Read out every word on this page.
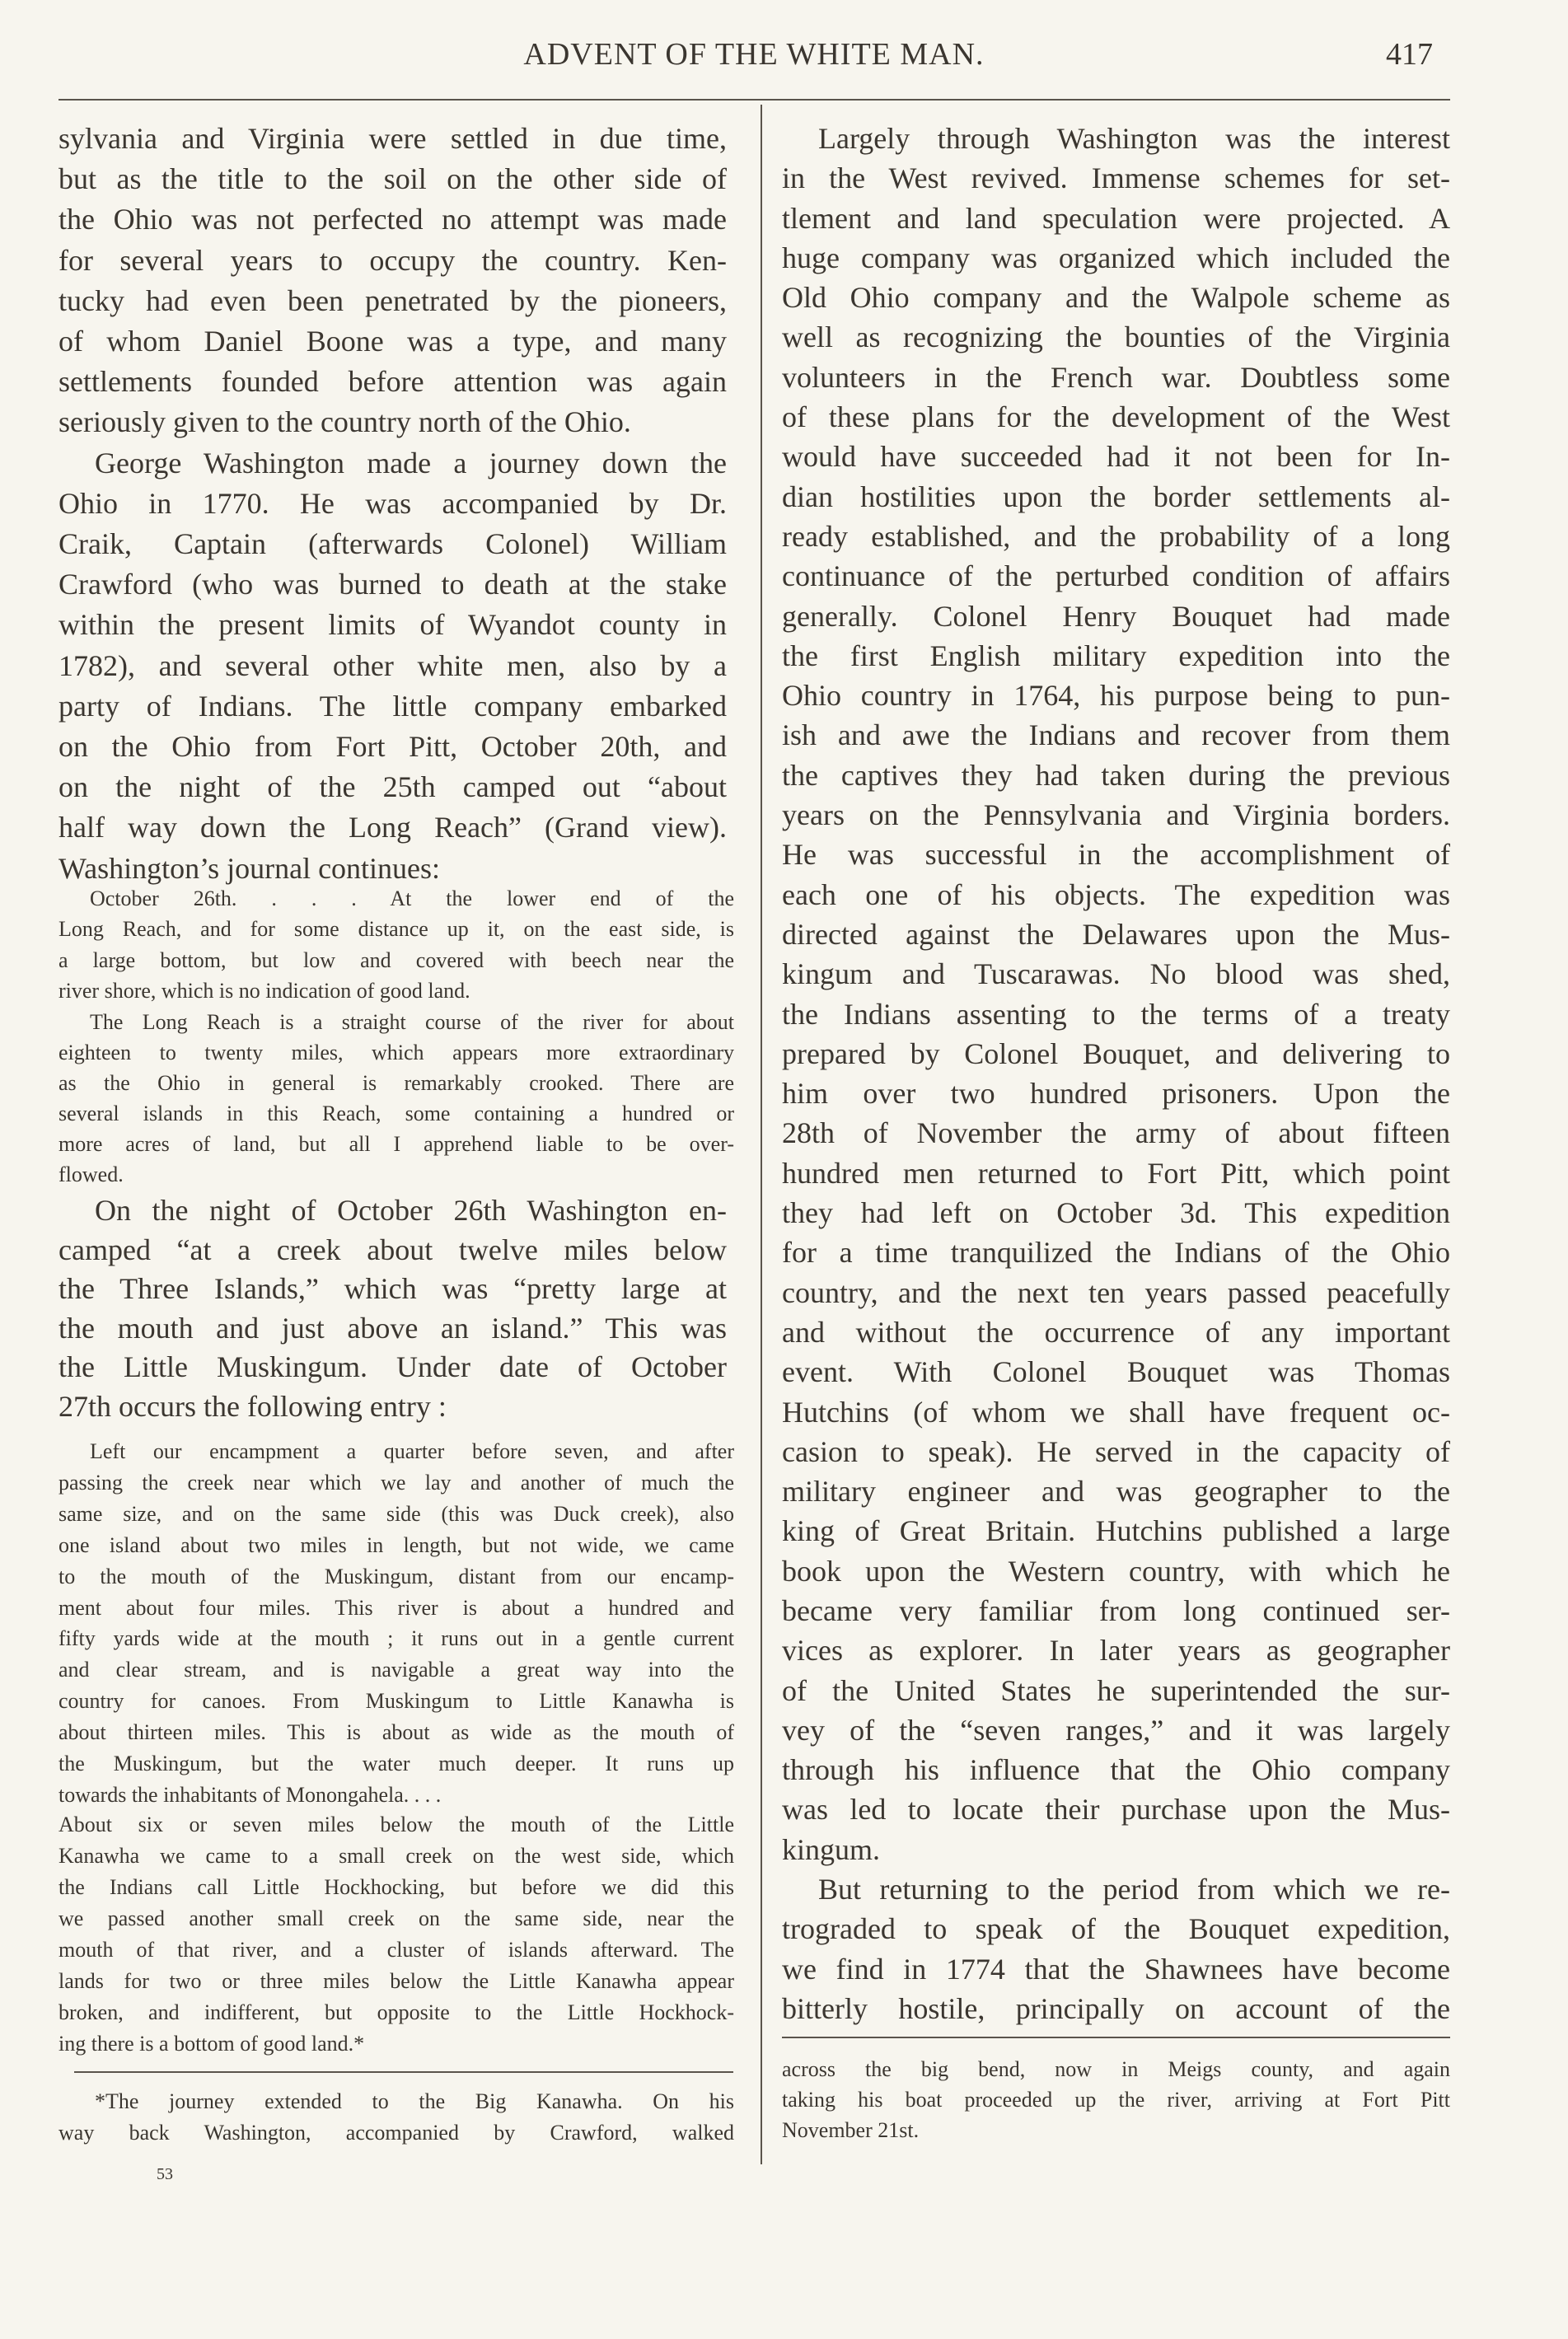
ADVENT OF THE WHITE MAN.	417
sylvania and Virginia were settled in due time,
but as the title to the soil on the other side of
the Ohio was not perfected no attempt was made
for several years to occupy the country. Ken-
tucky had even been penetrated by the pioneers,
of whom Daniel Boone was a type, and many
settlements founded before attention was again
seriously given to the country north of the Ohio.
George Washington made a journey down the
Ohio in 1770. He was accompanied by Dr.
Craik, Captain (afterwards Colonel) William
Crawford (who was burned to death at the stake
within the present limits of Wyandot county in
1782), and several other white men, also by a
party of Indians. The little company embarked
on the Ohio from Fort Pitt, October 20th, and
on the night of the 25th camped out “about
half way down the Long Reach” (Grand view).
Washington’s journal continues:
October 26th. . . . At the lower end of the
Long Reach, and for some distance up it, on the east side, is
a large bottom, but low and covered with beech near the
river shore, which is no indication of good land.
The Long Reach is a straight course of the river for about
eighteen to twenty miles, which appears more extraordinary
as the Ohio in general is remarkably crooked. There are
several islands in this Reach, some containing a hundred or
more acres of land, but all I apprehend liable to be over-
flowed.
On the night of October 26th Washington en-
camped “at a creek about twelve miles below
the Three Islands,” which was “pretty large at
the mouth and just above an island.” This was
the Little Muskingum. Under date of October
27th occurs the following entry :
Left our encampment a quarter before seven, and after
passing the creek near which we lay and another of much the
same size, and on the same side (this was Duck creek), also
one island about two miles in length, but not wide, we came
to the mouth of the Muskingum, distant from our encamp-
ment about four miles. This river is about a hundred and
fifty yards wide at the mouth ; it runs out in a gentle current
and clear stream, and is navigable a great way into the
country for canoes. From Muskingum to Little Kanawha is
about thirteen miles. This is about as wide as the mouth of
the Muskingum, but the water much deeper. It runs up
towards the inhabitants of Monongahela. . . .
About six or seven miles below the mouth of the Little
Kanawha we came to a small creek on the west side, which
the Indians call Little Hockhocking, but before we did this
we passed another small creek on the same side, near the
mouth of that river, and a cluster of islands afterward. The
lands for two or three miles below the Little Kanawha appear
broken, and indifferent, but opposite to the Little Hockhock-
ing there is a bottom of good land.*
*The journey extended to the Big Kanawha. On his
way back Washington, accompanied by Crawford, walked
53
Largely through Washington was the interest
in the West revived. Immense schemes for set-
tlement and land speculation were projected. A
huge company was organized which included the
Old Ohio company and the Walpole scheme as
well as recognizing the bounties of the Virginia
volunteers in the French war. Doubtless some
of these plans for the development of the West
would have succeeded had it not been for In-
dian hostilities upon the border settlements al-
ready established, and the probability of a long
continuance of the perturbed condition of affairs
generally. Colonel Henry Bouquet had made
the first English military expedition into the
Ohio country in 1764, his purpose being to pun-
ish and awe the Indians and recover from them
the captives they had taken during the previous
years on the Pennsylvania and Virginia borders.
He was successful in the accomplishment of
each one of his objects. The expedition was
directed against the Delawares upon the Mus-
kingum and Tuscarawas. No blood was shed,
the Indians assenting to the terms of a treaty
prepared by Colonel Bouquet, and delivering to
him over two hundred prisoners. Upon the
28th of November the army of about fifteen
hundred men returned to Fort Pitt, which point
they had left on October 3d. This expedition
for a time tranquilized the Indians of the Ohio
country, and the next ten years passed peacefully
and without the occurrence of any important
event. With Colonel Bouquet was Thomas
Hutchins (of whom we shall have frequent oc-
casion to speak). He served in the capacity of
military engineer and was geographer to the
king of Great Britain. Hutchins published a large
book upon the Western country, with which he
became very familiar from long continued ser-
vices as explorer. In later years as geographer
of the United States he superintended the sur-
vey of the “seven ranges,” and it was largely
through his influence that the Ohio company
was led to locate their purchase upon the Mus-
kingum.
But returning to the period from which we re-
trograded to speak of the Bouquet expedition,
we find in 1774 that the Shawnees have become
bitterly hostile, principally on account of the
across the big bend, now in Meigs county, and again
taking his boat proceeded up the river, arriving at Fort Pitt
November 21st.
